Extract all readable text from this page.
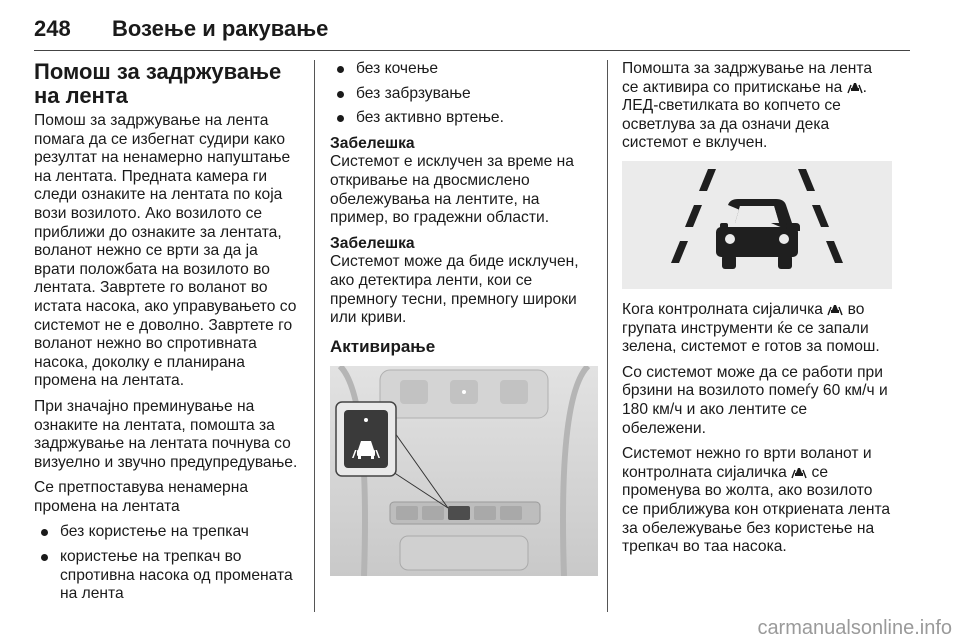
248 Возење и ракување
Помош за задржување на лента

Помош за задржување на лента помага да се избегнат судири како резултат на ненамерно напуштање на лентата. Предната камера ги следи ознаките на лентата по која вози возилото. Ако возилото се приближи до ознаките за лентата, воланот нежно се врти за да ја врати положбата на возилото во лентата. Завртете го воланот во истата насока, ако управувањето со системот не е доволно. Завртете го воланот нежно во спротивната насока, доколку е планирана промена на лентата.

При значајно преминување на ознаките на лентата, помошта за задржување на лентата почнува со визуелно и звучно предупредување.

Се претпоставува ненамерна промена на лентата

без користење на трепкач
користење на трепкач во спротивна насока од промената на лента
без кочење
без забрзување
без активно вртење.

Забелешка

Системот е исклучен за време на откривање на двосмислено обележувања на лентите, на пример, во градежни области.

Забелешка

Системот може да биде исклучен, ако детектира ленти, кои се премногу тесни, премногу широки или криви.

Активирање

Помошта за задржување на лента се активира со притискање на . ЛЕД-светилката во копчето се осветлува за да означи дека системот е вклучен.

Кога контролната сијаличка во групата инструменти ќе се запали зелена, системот е готов за помош.

Со системот може да се работи при брзини на возилото помеѓу 60 км/ч и 180 км/ч и ако лентите се обележени.

Системот нежно го врти воланот и контролната сијаличка се променува во жолта, ако возилото се приближува кон откриената лента за обележување без користење на трепкач во таа насока.

carmanualsonline.info
